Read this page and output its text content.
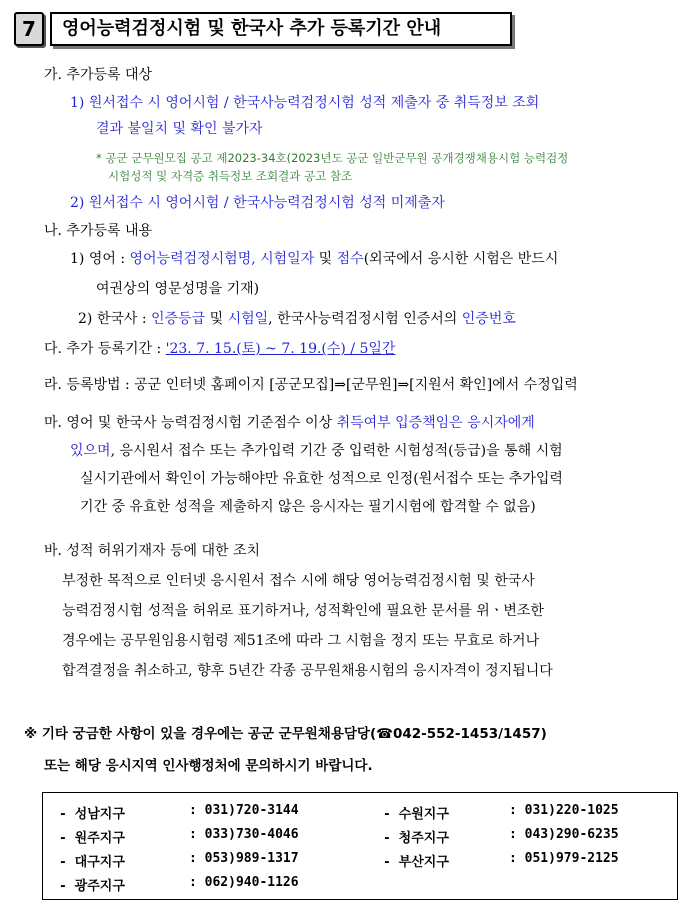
7	영어능력검정시험 및 한국사 추가 등록기간 안내
가. 추가등록 대상
1) 원서접수 시 영어시험 / 한국사능력검정시험 성적 제출자 중 취득정보 조회
결과 불일치 및 확인 불가자
* 공군 군무원모집 공고 제2023-34호(2023년도 공군 일반군무원 공개경쟁채용시험 능력검정
시험성적 및 자격증 취득정보 조회결과 공고 참조
2) 원서접수 시 영어시험 / 한국사능력검정시험 성적 미제출자
나. 추가등록 내용
1) 영어 : 영어능력검정시험명, 시험일자 및 점수(외국에서 응시한 시험은 반드시
여권상의 영문성명을 기재)
2) 한국사 : 인증등급 및 시험일, 한국사능력검정시험 인증서의 인증번호
다. 추가 등록기간 : '23. 7. 15.(토) ~ 7. 19.(수) / 5일간
라. 등록방법 : 공군 인터넷 홈페이지 [공군모집]⇒[군무원]⇒[지원서 확인]에서 수정입력
마. 영어 및 한국사 능력검정시험 기준점수 이상 취득여부 입증책임은 응시자에게
있으며, 응시원서 접수 또는 추가입력 기간 중 입력한 시험성적(등급)을 통해 시험
실시기관에서 확인이 가능해야만 유효한 성적으로 인정(원서접수 또는 추가입력
기간 중 유효한 성적을 제출하지 않은 응시자는 필기시험에 합격할 수 없음)
바. 성적 허위기재자 등에 대한 조치
부정한 목적으로 인터넷 응시원서 접수 시에 해당 영어능력검정시험 및 한국사
능력검정시험 성적을 허위로 표기하거나, 성적확인에 필요한 문서를 위ㆍ변조한
경우에는 공무원임용시험령 제51조에 따라 그 시험을 정지 또는 무효로 하거나
합격결정을 취소하고, 향후 5년간 각종 공무원채용시험의 응시자격이 정지됩니다
※ 기타 궁금한 사항이 있을 경우에는 공군 군무원채용담당(☎042-552-1453/1457)
또는 해당 응시지역 인사행정처에 문의하시기 바랍니다.
- 성남지구	: 031)720-3144
- 원주지구	: 033)730-4046
- 대구지구	: 053)989-1317
- 광주지구	: 062)940-1126
- 수원지구	: 031)220-1025
- 청주지구	: 043)290-6235
- 부산지구	: 051)979-2125
